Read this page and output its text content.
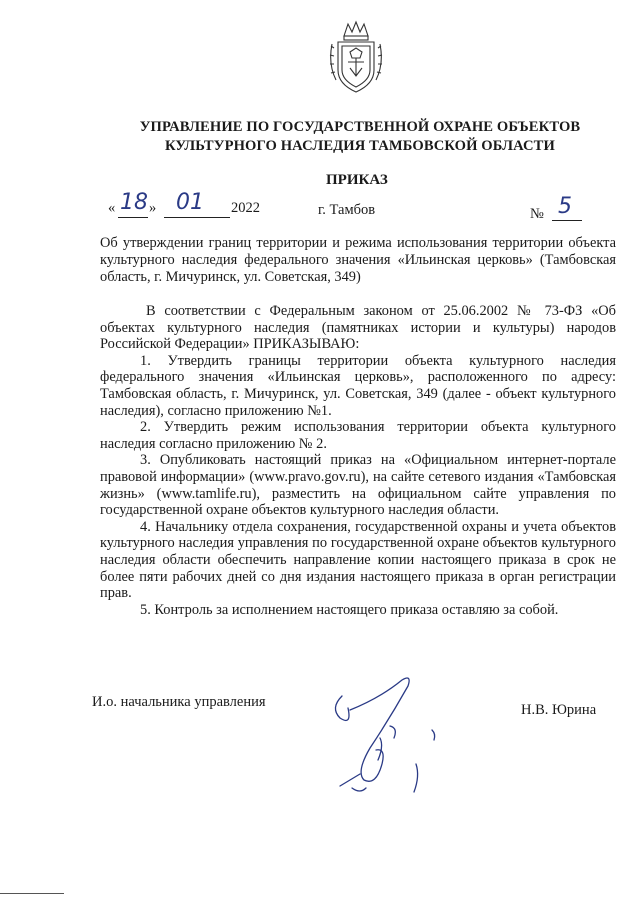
УПРАВЛЕНИЕ ПО ГОСУДАРСТВЕННОЙ ОХРАНЕ ОБЪЕКТОВ
КУЛЬТУРНОГО НАСЛЕДИЯ ТАМБОВСКОЙ ОБЛАСТИ
ПРИКАЗ
« 18 » 01 2022	г. Тамбов	№ 5
Об утверждении границ территории и режима использования территории объекта культурного наследия федерального значения «Ильинская церковь» (Тамбовская область, г. Мичуринск, ул. Советская, 349)

В соответствии с Федеральным законом от 25.06.2002 № 73-ФЗ «Об объектах культурного наследия (памятниках истории и культуры) народов Российской Федерации» ПРИКАЗЫВАЮ:

1. Утвердить границы территории объекта культурного наследия федерального значения «Ильинская церковь», расположенного по адресу: Тамбовская область, г. Мичуринск, ул. Советская, 349 (далее - объект культурного наследия), согласно приложению №1.

2. Утвердить режим использования территории объекта культурного наследия согласно приложению № 2.

3. Опубликовать настоящий приказ на «Официальном интернет-портале правовой информации» (www.pravo.gov.ru), на сайте сетевого издания «Тамбовская жизнь» (www.tamlife.ru), разместить на официальном сайте управления по государственной охране объектов культурного наследия области.

4. Начальнику отдела сохранения, государственной охраны и учета объектов культурного наследия управления по государственной охране объектов культурного наследия области обеспечить направление копии настоящего приказа в срок не более пяти рабочих дней со дня издания настоящего приказа в орган регистрации прав.

5. Контроль за исполнением настоящего приказа оставляю за собой.

И.о. начальника управления	Н.В. Юрина
